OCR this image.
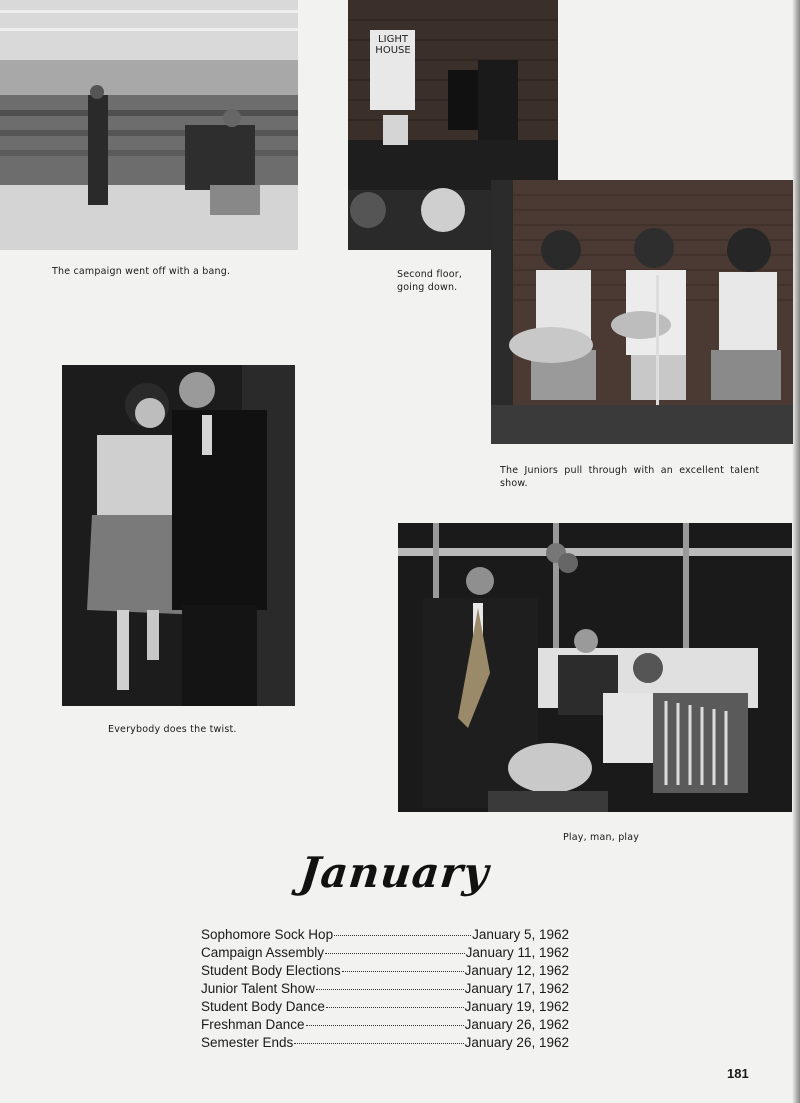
The campaign went off with a bang.
LIGHT HOUSE
Second floor,
going down.
The Juniors pull through with an excellent talent
show.
Everybody does the twist.
Play, man, play
January
Sophomore Sock Hop	January 5, 1962
Campaign Assembly	January 11, 1962
Student Body Elections	January 12, 1962
Junior Talent Show	January 17, 1962
Student Body Dance	January 19, 1962
Freshman Dance	January 26, 1962
Semester Ends	January 26, 1962
181
